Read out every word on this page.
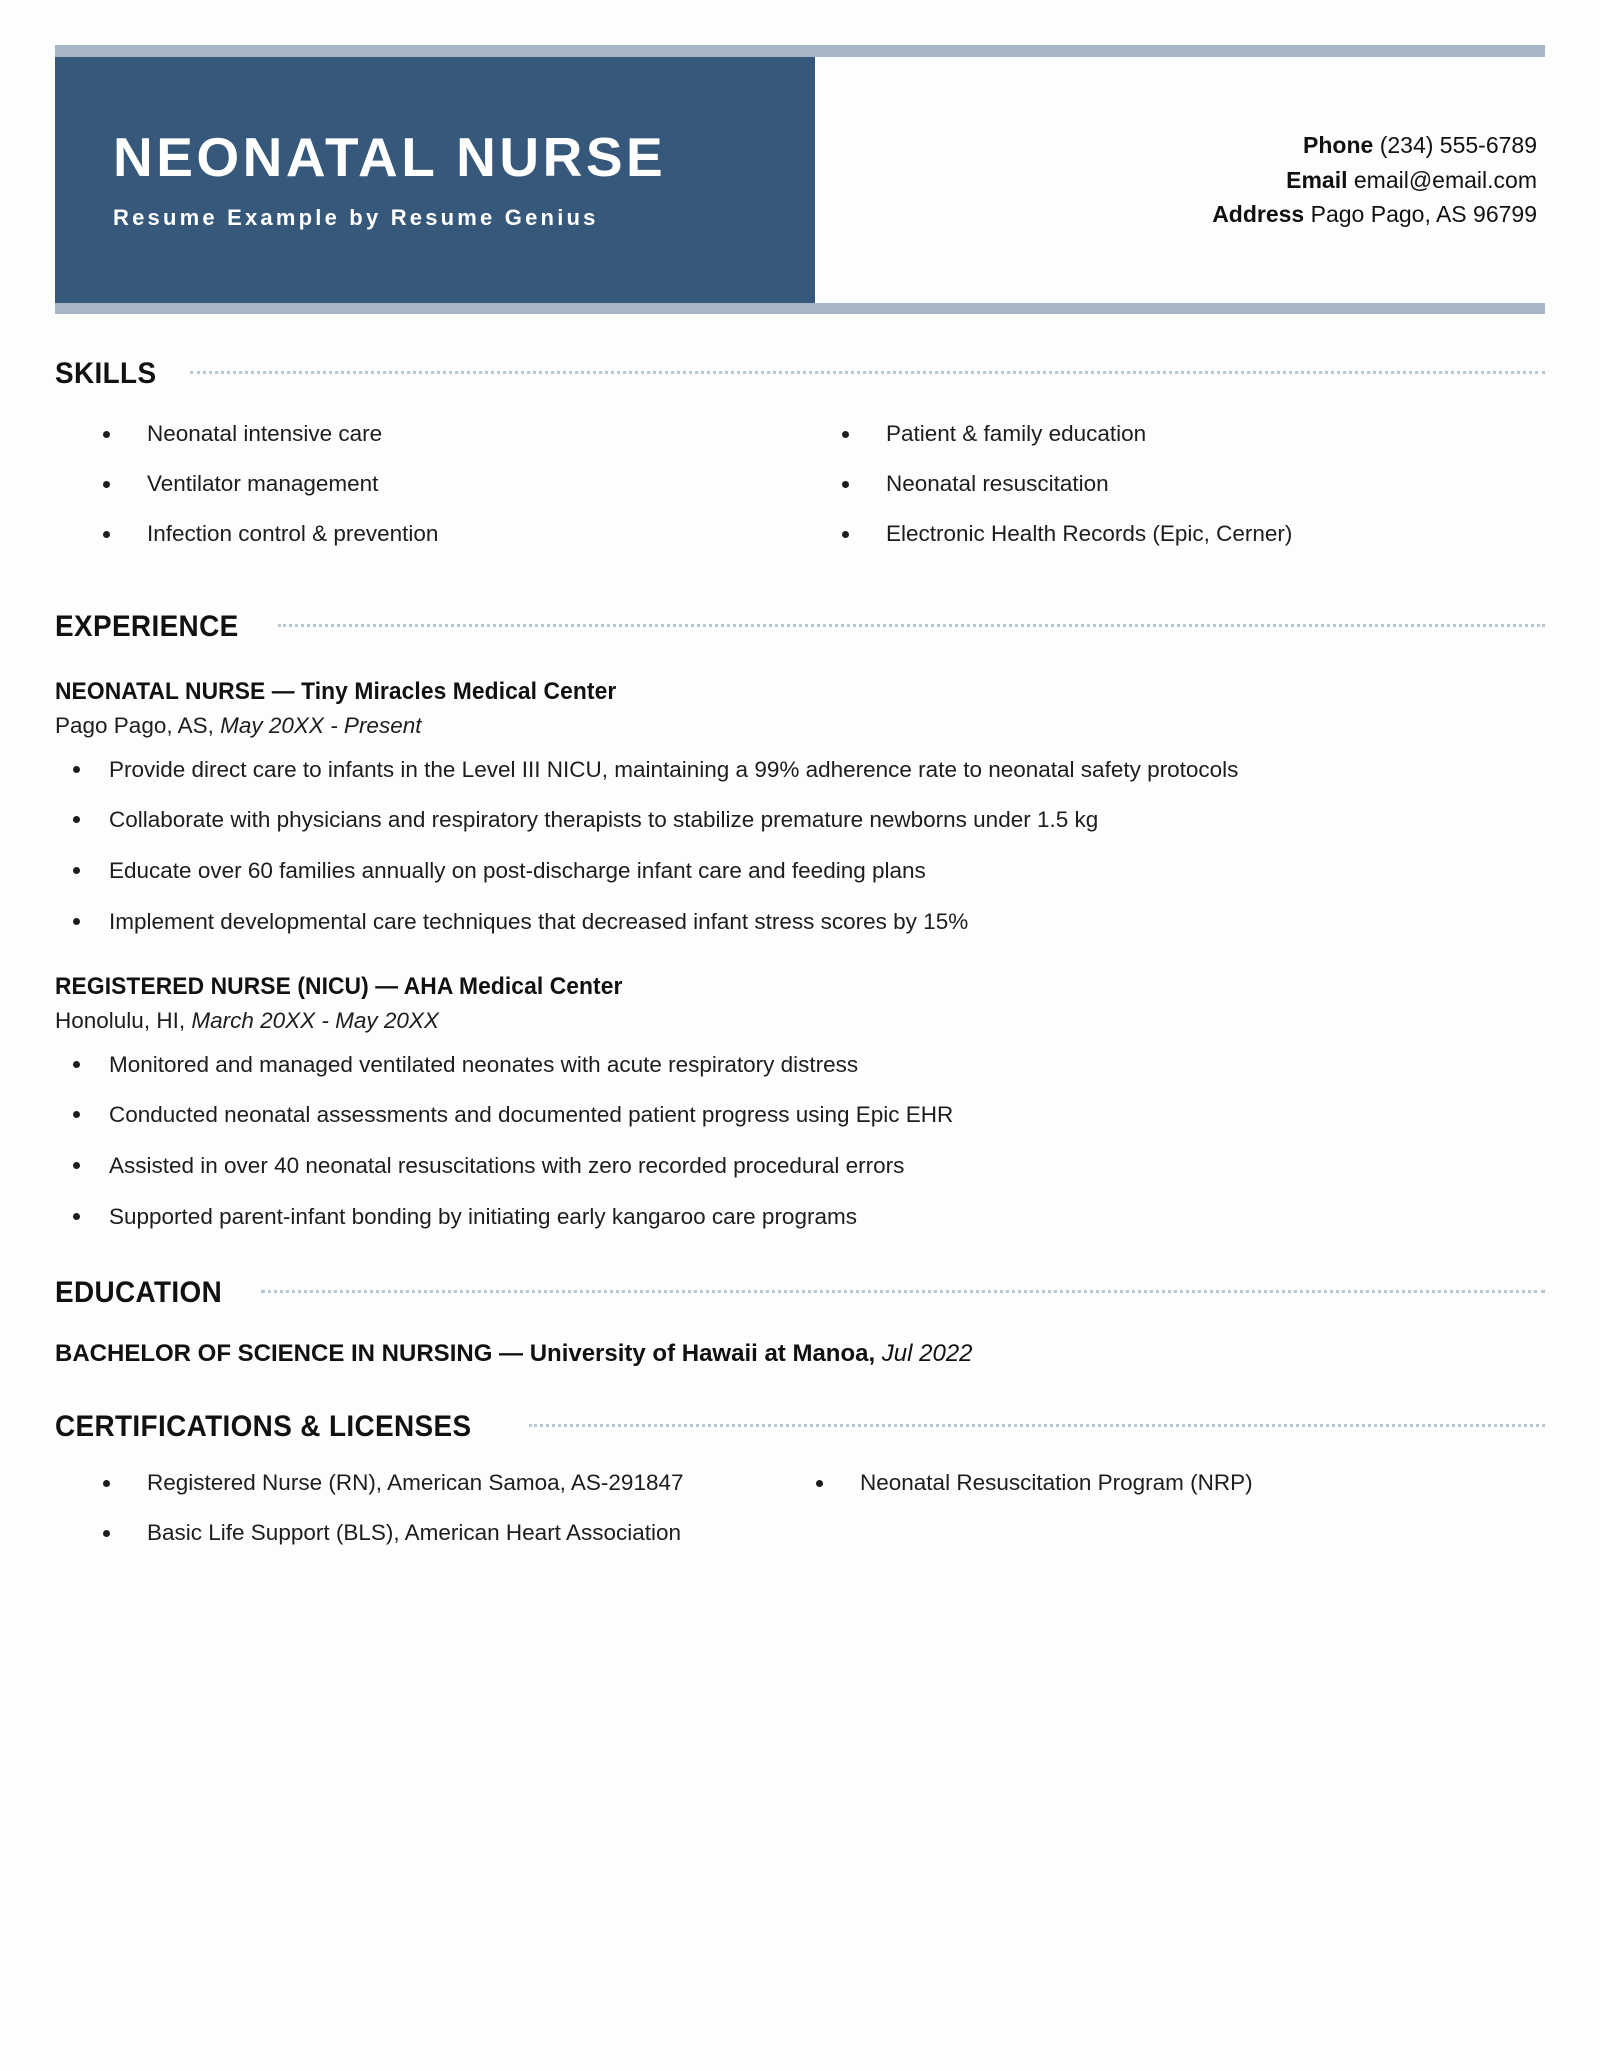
NEONATAL NURSE
Resume Example by Resume Genius
Phone (234) 555-6789
Email email@email.com
Address Pago Pago, AS 96799
SKILLS
Neonatal intensive care
Ventilator management
Infection control & prevention
Patient & family education
Neonatal resuscitation
Electronic Health Records (Epic, Cerner)
EXPERIENCE
NEONATAL NURSE — Tiny Miracles Medical Center
Pago Pago, AS, May 20XX - Present
Provide direct care to infants in the Level III NICU, maintaining a 99% adherence rate to neonatal safety protocols
Collaborate with physicians and respiratory therapists to stabilize premature newborns under 1.5 kg
Educate over 60 families annually on post-discharge infant care and feeding plans
Implement developmental care techniques that decreased infant stress scores by 15%
REGISTERED NURSE (NICU) — AHA Medical Center
Honolulu, HI, March 20XX - May 20XX
Monitored and managed ventilated neonates with acute respiratory distress
Conducted neonatal assessments and documented patient progress using Epic EHR
Assisted in over 40 neonatal resuscitations with zero recorded procedural errors
Supported parent-infant bonding by initiating early kangaroo care programs
EDUCATION
BACHELOR OF SCIENCE IN NURSING — University of Hawaii at Manoa, Jul 2022
CERTIFICATIONS & LICENSES
Registered Nurse (RN), American Samoa, AS-291847
Basic Life Support (BLS), American Heart Association
Neonatal Resuscitation Program (NRP)
